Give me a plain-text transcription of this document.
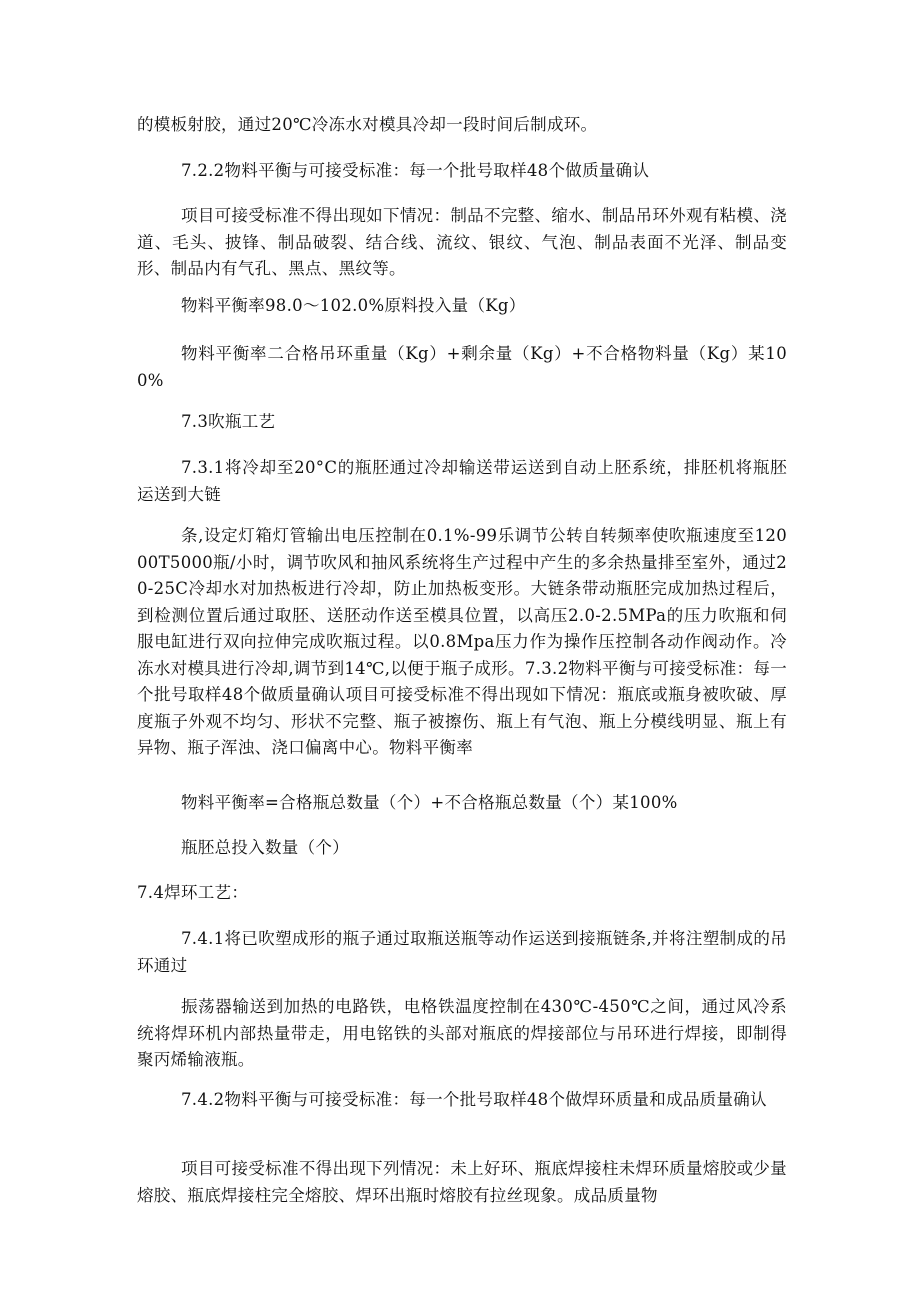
的模板射胶，通过20℃冷冻水对模具冷却一段时间后制成环。

7.2.2物料平衡与可接受标准：每一个批号取样48个做质量确认

项目可接受标准不得出现如下情况：制品不完整、缩水、制品吊环外观有粘模、浇道、毛头、披锋、制品破裂、结合线、流纹、银纹、气泡、制品表面不光泽、制品变形、制品内有气孔、黑点、黑纹等。

物料平衡率98.0～102.0%原料投入量（Kg）

物料平衡率二合格吊环重量（Kg）+剩余量（Kg）+不合格物料量（Kg）某100%

7.3吹瓶工艺

7.3.1将冷却至20°C的瓶胚通过冷却输送带运送到自动上胚系统，排胚机将瓶胚运送到大链

条,设定灯箱灯管输出电压控制在0.1%-99乐调节公转自转频率使吹瓶速度至12000T5000瓶/小时，调节吹风和抽风系统将生产过程中产生的多余热量排至室外，通过20-25C冷却水对加热板进行冷却，防止加热板变形。大链条带动瓶胚完成加热过程后，到检测位置后通过取胚、送胚动作送至模具位置，以高压2.0-2.5MPa的压力吹瓶和伺服电缸进行双向拉伸完成吹瓶过程。以0.8Mpa压力作为操作压控制各动作阀动作。冷冻水对模具进行冷却,调节到14℃,以便于瓶子成形。7.3.2物料平衡与可接受标准：每一个批号取样48个做质量确认项目可接受标准不得出现如下情况：瓶底或瓶身被吹破、厚度瓶子外观不均匀、形状不完整、瓶子被擦伤、瓶上有气泡、瓶上分模线明显、瓶上有异物、瓶子浑浊、浇口偏离中心。物料平衡率

物料平衡率=合格瓶总数量（个）+不合格瓶总数量（个）某100%

瓶胚总投入数量（个）

7.4焊环工艺：

7.4.1将已吹塑成形的瓶子通过取瓶送瓶等动作运送到接瓶链条,并将注塑制成的吊环通过

振荡器输送到加热的电路铁，电格铁温度控制在430℃-450℃之间，通过风冷系统将焊环机内部热量带走，用电铭铁的头部对瓶底的焊接部位与吊环进行焊接，即制得聚丙烯输液瓶。

7.4.2物料平衡与可接受标准：每一个批号取样48个做焊环质量和成品质量确认

项目可接受标准不得出现下列情况：未上好环、瓶底焊接柱未焊环质量熔胶或少量熔胶、瓶底焊接柱完全熔胶、焊环出瓶时熔胶有拉丝现象。成品质量物
